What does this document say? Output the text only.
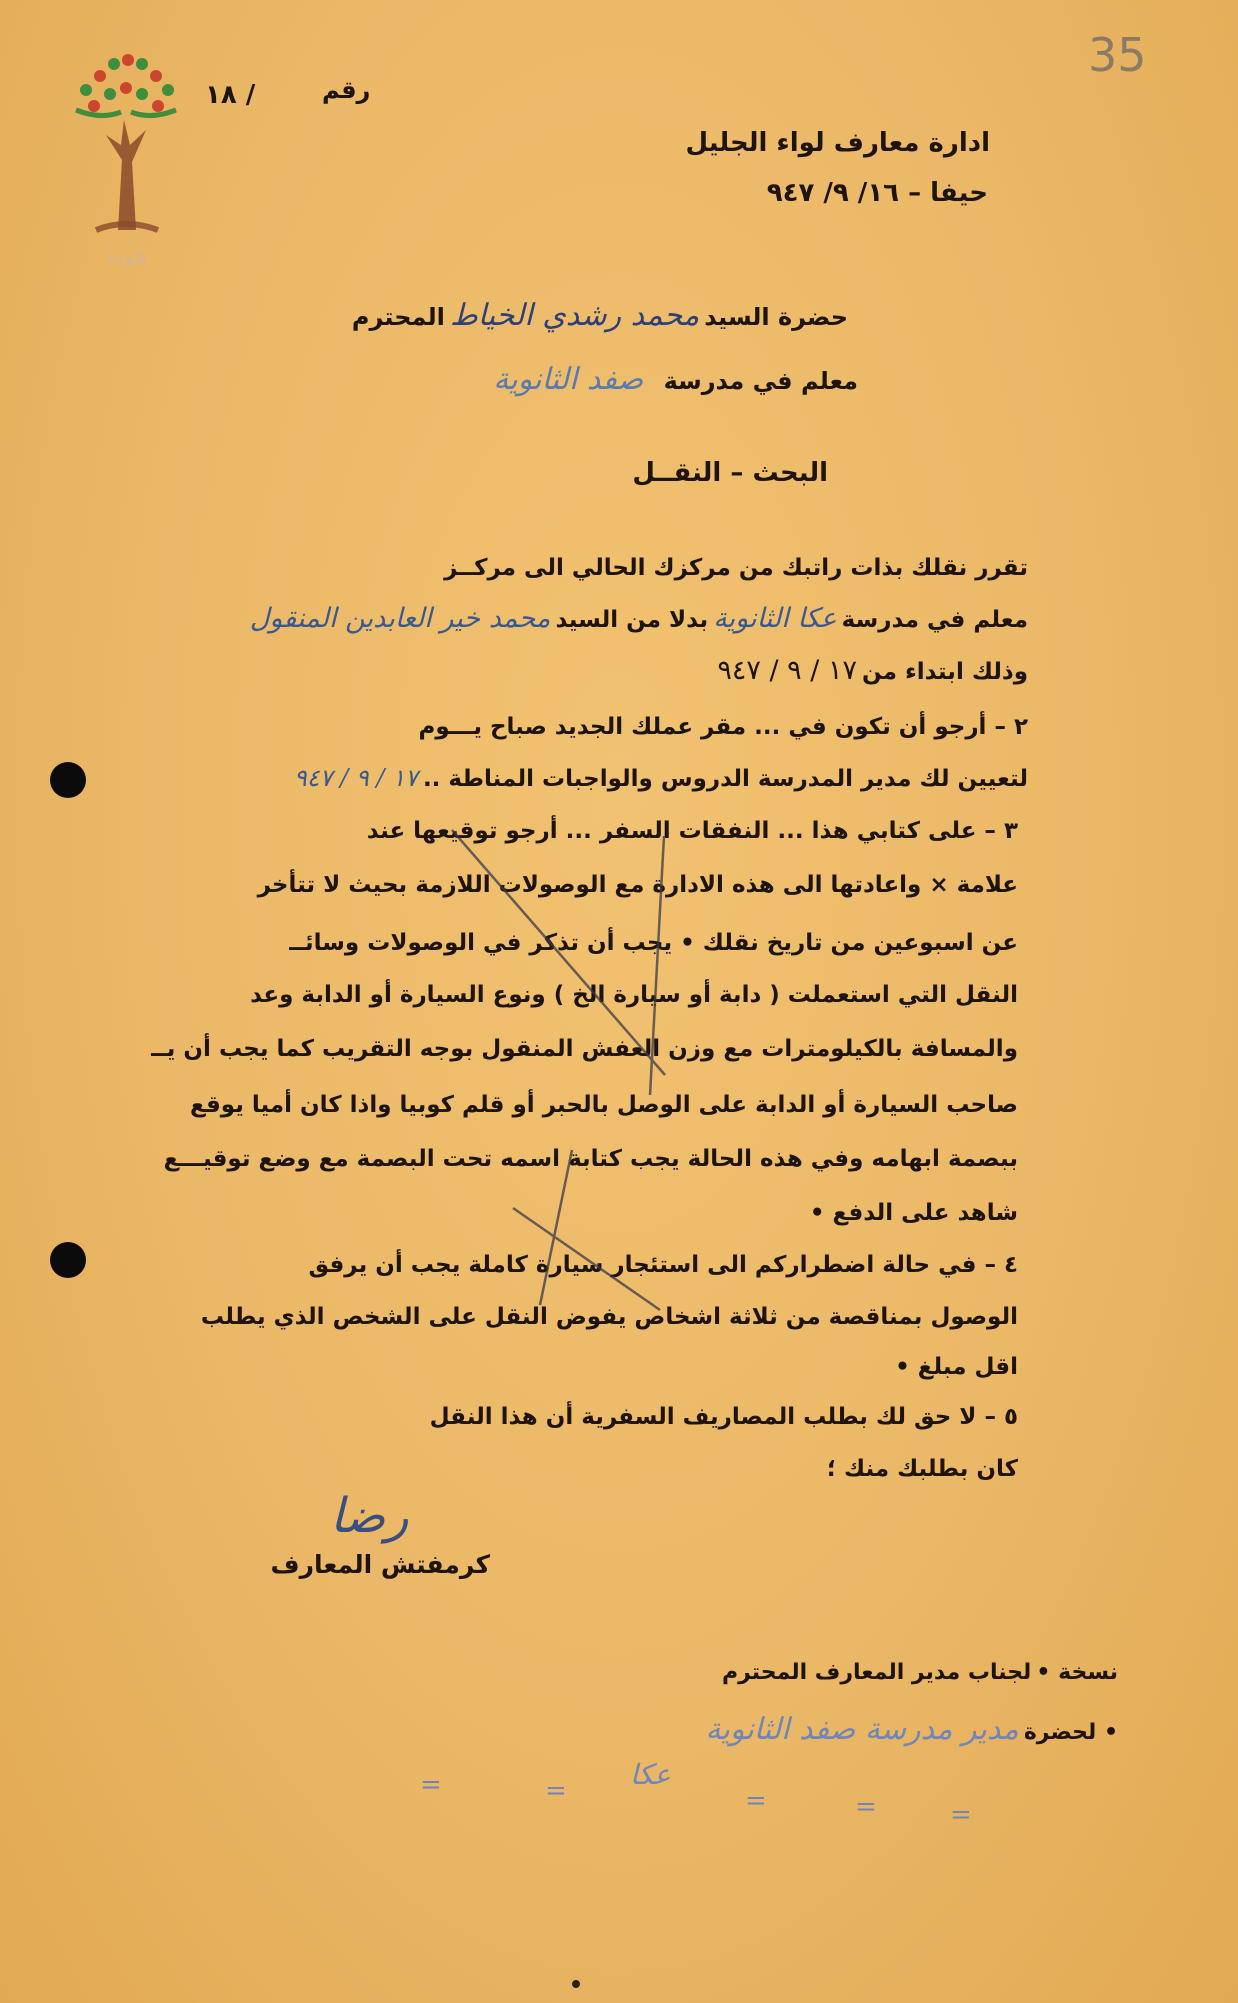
35
هوية
١٨ /	رقم
ادارة معارف لواء الجليل
حيفا – ١٦/ ٩/ ٩٤٧
حضرة السيد محمد رشدي الخياط المحترم
معلم في مدرسة    صفد الثانوية
البحث – النقــل
تقرر نقلك بذات راتبك من مركزك الحالي الى مركــز
معلم في مدرسة عكا الثانوية بدلا من السيد محمد خير العابدين المنقول
وذلك ابتداء من ١٧ / ٩ / ٩٤٧
٢ – أرجو أن تكون في ... مقر عملك الجديد صباح يـــوم
لتعيين لك مدير المدرسة الدروس والواجبات المناطة .. ١٧ / ٩ / ٩٤٧
٣ – على كتابي هذا ... النفقات السفر ... أرجو توقيعها عند
علامة × واعادتها الى هذه الادارة مع الوصولات اللازمة بحيث لا تتأخر
عن اسبوعين من تاريخ نقلك • يجب أن تذكر في الوصولات وسائــ
النقل التي استعملت ( دابة أو سيارة الخ ) ونوع السيارة أو الدابة وعد
والمسافة بالكيلومترات مع وزن العفش المنقول بوجه التقريب كما يجب أن يــ
صاحب السيارة أو الدابة على الوصل بالحبر أو قلم كوبيا واذا كان أميا يوقع
ببصمة ابهامه وفي هذه الحالة يجب كتابة اسمه تحت البصمة مع وضع توقيـــع
شاهد على الدفع •
٤ – في حالة اضطراركم الى استئجار سيارة كاملة يجب أن يرفق
الوصول بمناقصة من ثلاثة اشخاص يفوض النقل على الشخص الذي يطلب
اقل مبلغ •
٥ – لا حق لك بطلب المصاريف السفرية أن هذا النقل
كان بطلبك منك ؛
رضا
كرمفتش المعارف
نسخة • لجناب مدير المعارف المحترم
• لحضرة مدير مدرسة صفد الثانوية
عكا
=	=	=	=	=
